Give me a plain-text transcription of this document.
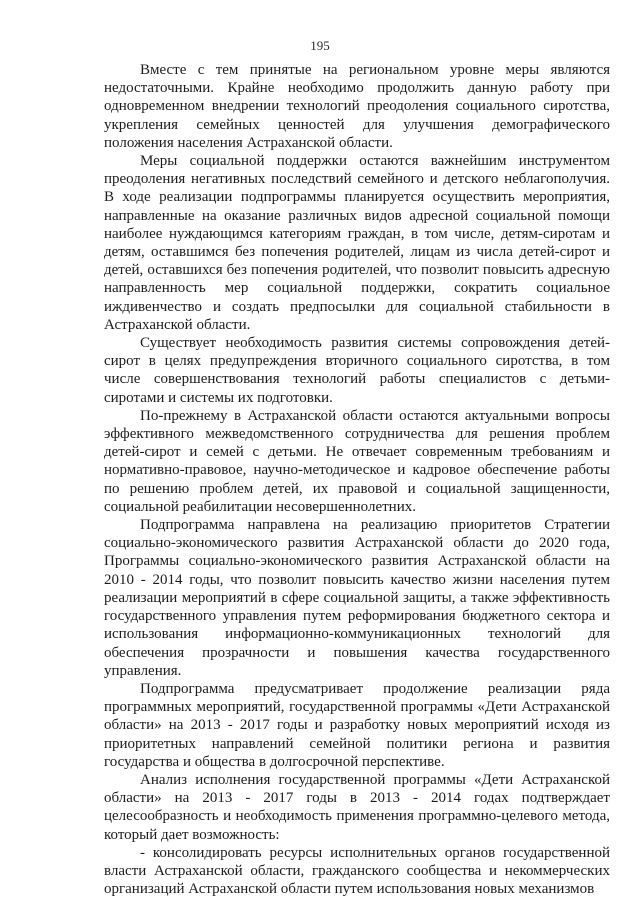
195

Вместе с тем принятые на региональном уровне меры являются недостаточными. Крайне необходимо продолжить данную работу при одновременном внедрении технологий преодоления социального сиротства, укрепления семейных ценностей для улучшения демографического положения населения Астраханской области.

Меры социальной поддержки остаются важнейшим инструментом преодоления негативных последствий семейного и детского неблагополучия. В ходе реализации подпрограммы планируется осуществить мероприятия, направленные на оказание различных видов адресной социальной помощи наиболее нуждающимся категориям граждан, в том числе, детям-сиротам и детям, оставшимся без попечения родителей, лицам из числа детей-сирот и детей, оставшихся без попечения родителей, что позволит повысить адресную направленность мер социальной поддержки, сократить социальное иждивенчество и создать предпосылки для социальной стабильности в Астраханской области.

Существует необходимость развития системы сопровождения детей-сирот в целях предупреждения вторичного социального сиротства, в том числе совершенствования технологий работы специалистов с детьми-сиротами и системы их подготовки.

По-прежнему в Астраханской области остаются актуальными вопросы эффективного межведомственного сотрудничества для решения проблем детей-сирот и семей с детьми. Не отвечает современным требованиям и нормативно-правовое, научно-методическое и кадровое обеспечение работы по решению проблем детей, их правовой и социальной защищенности, социальной реабилитации несовершеннолетних.

Подпрограмма направлена на реализацию приоритетов Стратегии социально-экономического развития Астраханской области до 2020 года, Программы социально-экономического развития Астраханской области на 2010 - 2014 годы, что позволит повысить качество жизни населения путем реализации мероприятий в сфере социальной защиты, а также эффективность государственного управления путем реформирования бюджетного сектора и использования информационно-коммуникационных технологий для обеспечения прозрачности и повышения качества государственного управления.

Подпрограмма предусматривает продолжение реализации ряда программных мероприятий, государственной программы «Дети Астраханской области» на 2013 - 2017 годы и разработку новых мероприятий исходя из приоритетных направлений семейной политики региона и развития государства и общества в долгосрочной перспективе.

Анализ исполнения государственной программы «Дети Астраханской области» на 2013 - 2017 годы в 2013 - 2014 годах подтверждает целесообразность и необходимость применения программно-целевого метода, который дает возможность:

- консолидировать ресурсы исполнительных органов государственной власти Астраханской области, гражданского сообщества и некоммерческих организаций Астраханской области путем использования новых механизмов
